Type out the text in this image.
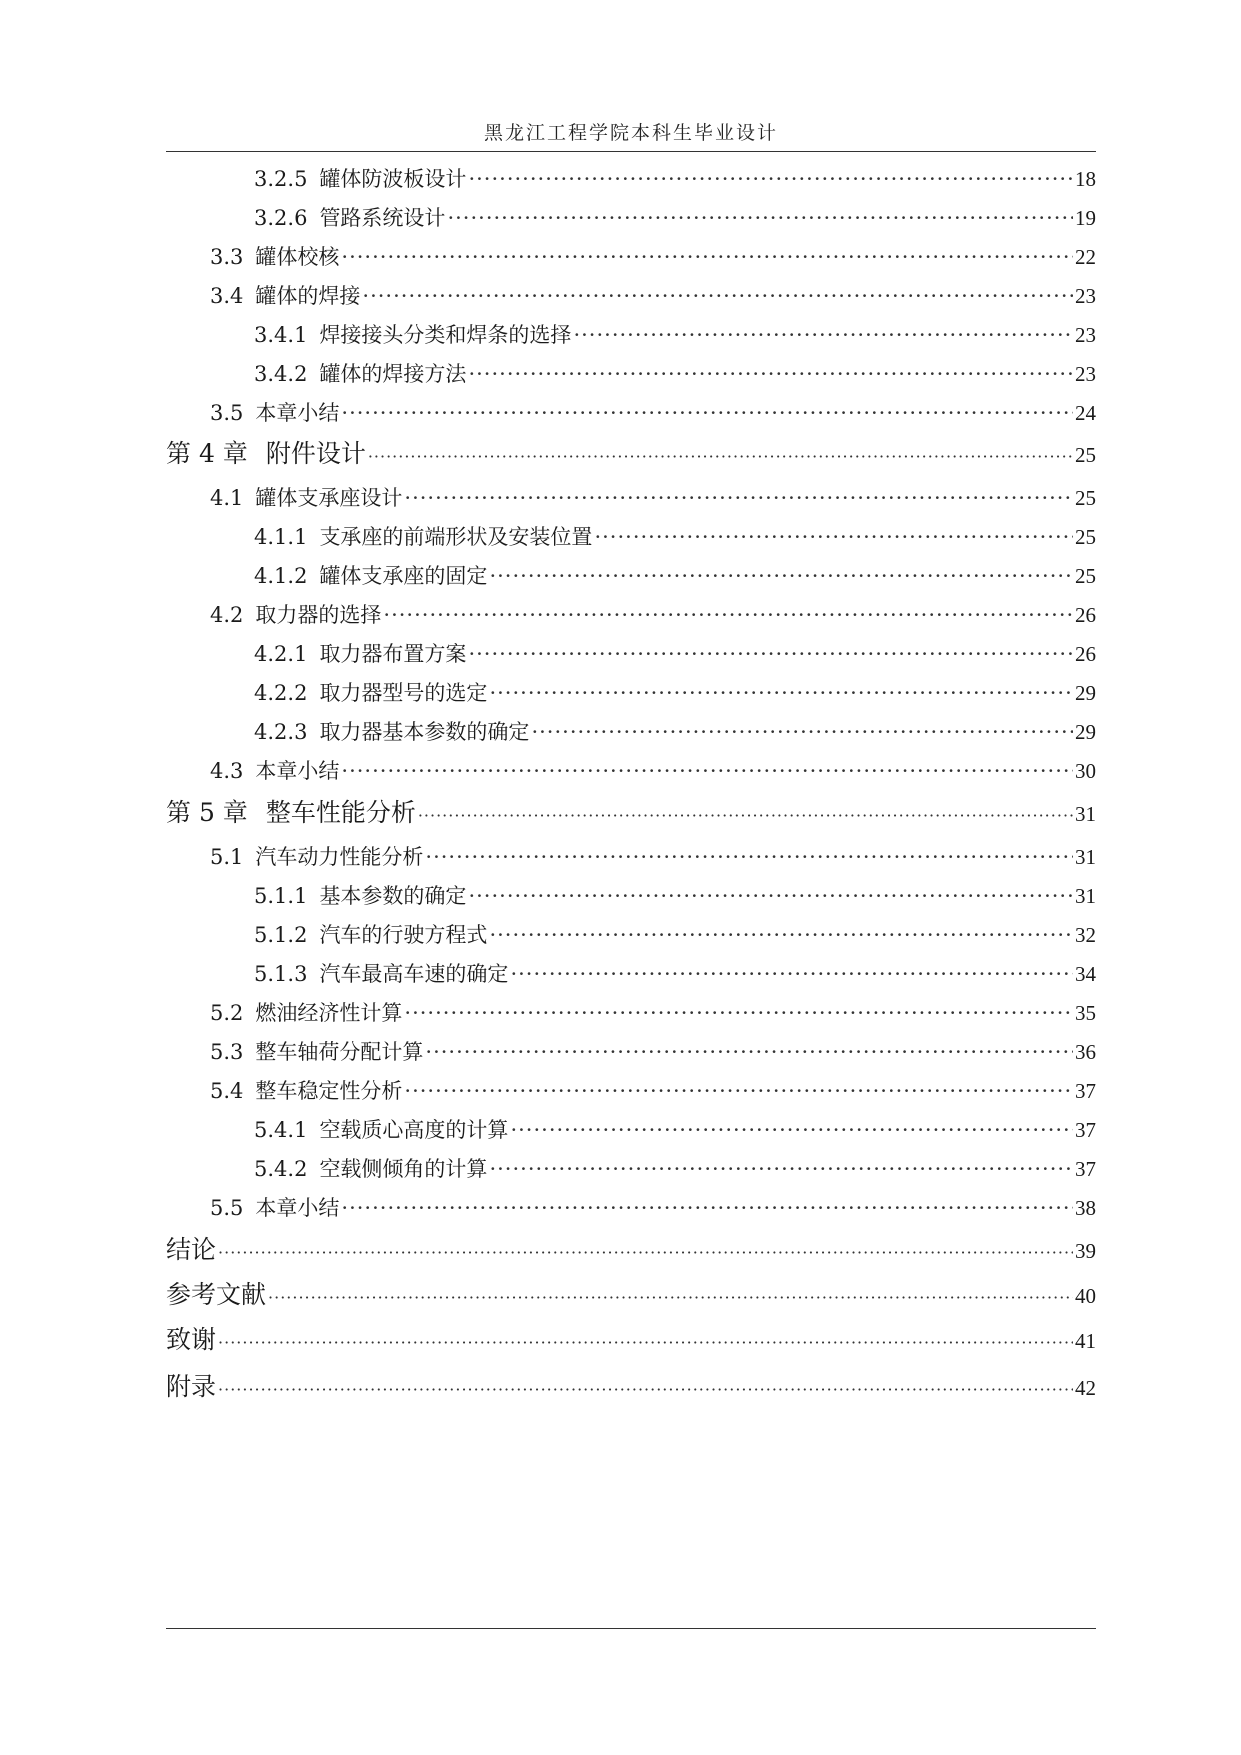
黑龙江工程学院本科生毕业设计
3.2.5 罐体防波板设计 ·····	18
3.2.6 管路系统设计 ·····	19
3.3 罐体校核 ·····	22
3.4 罐体的焊接 ·····	23
3.4.1 焊接接头分类和焊条的选择 ·····	23
3.4.2 罐体的焊接方法 ·····	23
3.5 本章小结 ·····	24
第 4 章 附件设计 ·····	25
4.1 罐体支承座设计 ·····	25
4.1.1 支承座的前端形状及安装位置 ·····	25
4.1.2 罐体支承座的固定 ·····	25
4.2 取力器的选择 ·····	26
4.2.1 取力器布置方案 ·····	26
4.2.2 取力器型号的选定 ·····	29
4.2.3 取力器基本参数的确定 ·····	29
4.3 本章小结 ·····	30
第 5 章 整车性能分析 ·····	31
5.1 汽车动力性能分析 ·····	31
5.1.1 基本参数的确定 ·····	31
5.1.2 汽车的行驶方程式 ·····	32
5.1.3 汽车最高车速的确定 ·····	34
5.2 燃油经济性计算 ·····	35
5.3 整车轴荷分配计算 ·····	36
5.4 整车稳定性分析 ·····	37
5.4.1 空载质心高度的计算 ·····	37
5.4.2 空载侧倾角的计算 ·····	37
5.5 本章小结 ·····	38
结论 ·····	39
参考文献 ·····	40
致谢 ·····	41
附录 ·····	42
